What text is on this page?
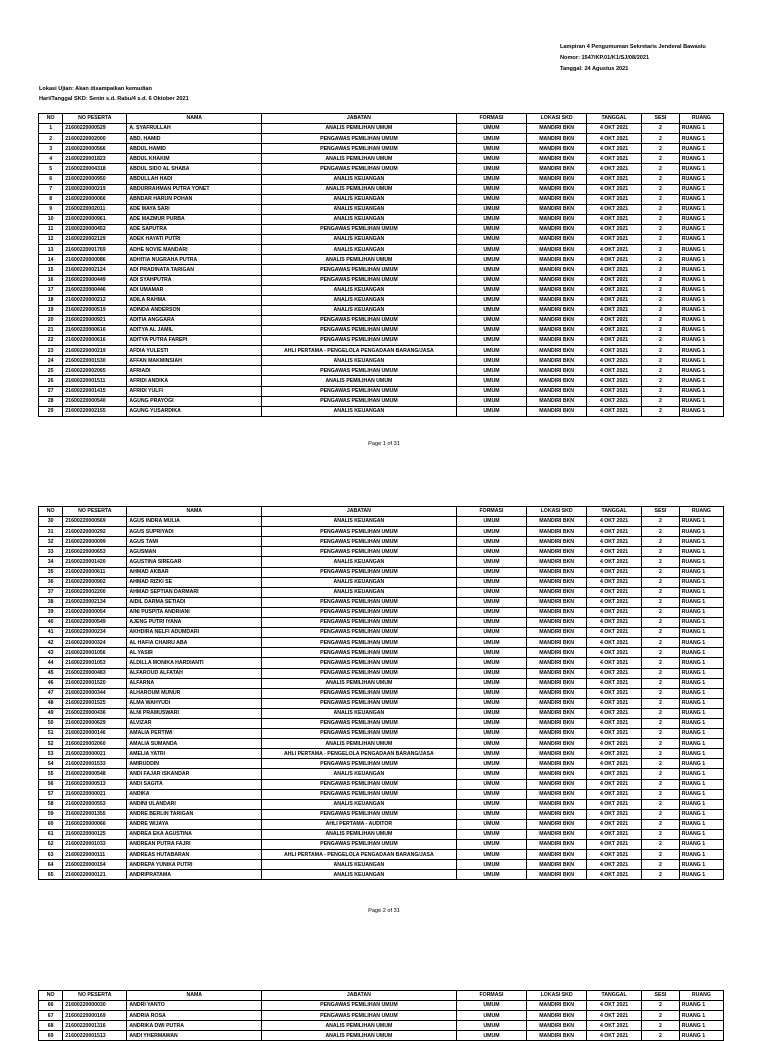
Lampiran 4 Pengumuman Sekretaris Jenderal Bawaslu
Nomor: 1547/KP.01/K1/SJ/08/2021
Tanggal: 24 Agustus 2021
Lokasi Ujian: Akan disampaikan kemudian
Hari/Tanggal SKD: Senin s.d. Rabu/4 s.d. 6 Oktober 2021
NO	NO PESERTA	NAMA	JABATAN	FORMASI	LOKASI SKD	TANGGAL	SESI	RUANG
1	21600220000529	A. SYAFRULLAH	ANALIS PEMILIHAN UMUM	UMUM	MANDIRI BKN	4 OKT 2021	2	RUANG 1
2	21600220002000	ABD. HAMID	PENGAWAS PEMILIHAN UMUM	UMUM	MANDIRI BKN	4 OKT 2021	2	RUANG 1
3	21600220000566	ABDUL HAMID	PENGAWAS PEMILIHAN UMUM	UMUM	MANDIRI BKN	4 OKT 2021	2	RUANG 1
4	21600220001823	ABDUL KHAKIM	ANALIS PEMILIHAN UMUM	UMUM	MANDIRI BKN	4 OKT 2021	2	RUANG 1
5	21600220004318	ABDUL SIDO AL SHABA	PENGAWAS PEMILIHAN UMUM	UMUM	MANDIRI BKN	4 OKT 2021	2	RUANG 1
6	21600220000950	ABDULLAH HADI	ANALIS KEUANGAN	UMUM	MANDIRI BKN	4 OKT 2021	2	RUANG 1
7	21600220000219	ABDURRAHMAN PUTRA YONET	ANALIS PEMILIHAN UMUM	UMUM	MANDIRI BKN	4 OKT 2021	2	RUANG 1
8	21600220000066	ABNDAR HARUN POHAN	ANALIS KEUANGAN	UMUM	MANDIRI BKN	4 OKT 2021	2	RUANG 1
9	21600220002011	ADE MAYA SARI	ANALIS KEUANGAN	UMUM	MANDIRI BKN	4 OKT 2021	2	RUANG 1
10	21600220000961	ADE MAZMUR PURBA	ANALIS KEUANGAN	UMUM	MANDIRI BKN	4 OKT 2021	2	RUANG 1
11	21600220000453	ADE SAPUTRA	PENGAWAS PEMILIHAN UMUM	UMUM	MANDIRI BKN	4 OKT 2021	2	RUANG 1
12	21600220002129	ADEK HAYATI PUTRI	ANALIS KEUANGAN	UMUM	MANDIRI BKN	4 OKT 2021	2	RUANG 1
13	21600220001769	ADHE NOVIE MANDARI	ANALIS KEUANGAN	UMUM	MANDIRI BKN	4 OKT 2021	2	RUANG 1
14	21600220000086	ADHITIA NUGRAHA PUTRA	ANALIS PEMILIHAN UMUM	UMUM	MANDIRI BKN	4 OKT 2021	2	RUANG 1
15	21600220002124	ADI PRADINATA TARIGAN	PENGAWAS PEMILIHAN UMUM	UMUM	MANDIRI BKN	4 OKT 2021	2	RUANG 1
16	21600220000449	ADI SYAHPUTRA	PENGAWAS PEMILIHAN UMUM	UMUM	MANDIRI BKN	4 OKT 2021	2	RUANG 1
17	21600220000446	ADI UMAMAR	ANALIS KEUANGAN	UMUM	MANDIRI BKN	4 OKT 2021	2	RUANG 1
18	21600220000212	ADILA RAHMA	ANALIS KEUANGAN	UMUM	MANDIRI BKN	4 OKT 2021	2	RUANG 1
19	21600220000519	ADINDA ANDERSON	ANALIS KEUANGAN	UMUM	MANDIRI BKN	4 OKT 2021	2	RUANG 1
20	21600220000921	ADITIA ANGGARA	PENGAWAS PEMILIHAN UMUM	UMUM	MANDIRI BKN	4 OKT 2021	2	RUANG 1
21	21600220000616	ADITYA AL JAMIL	PENGAWAS PEMILIHAN UMUM	UMUM	MANDIRI BKN	4 OKT 2021	2	RUANG 1
22	21600220000616	ADITYA PUTRA FAREPI	PENGAWAS PEMILIHAN UMUM	UMUM	MANDIRI BKN	4 OKT 2021	2	RUANG 1
23	21600220000219	AFDIA YULESTI	AHLI PERTAMA - PENGELOLA PENGADAAN BARANG/JASA	UMUM	MANDIRI BKN	4 OKT 2021	2	RUANG 1
24	21600220001530	AFFAN MAKMINSIAH	ANALIS KEUANGAN	UMUM	MANDIRI BKN	4 OKT 2021	2	RUANG 1
25	21600220002065	AFRIADI	PENGAWAS PEMILIHAN UMUM	UMUM	MANDIRI BKN	4 OKT 2021	2	RUANG 1
26	21600220001511	AFRIDI ANDIKA	ANALIS PEMILIHAN UMUM	UMUM	MANDIRI BKN	4 OKT 2021	2	RUANG 1
27	21600220001415	AFRIDI YULFI	PENGAWAS PEMILIHAN UMUM	UMUM	MANDIRI BKN	4 OKT 2021	2	RUANG 1
28	21600220000540	AGUNG PRAYOGI	PENGAWAS PEMILIHAN UMUM	UMUM	MANDIRI BKN	4 OKT 2021	2	RUANG 1
29	21600220002155	AGUNG YUSARDIKA	ANALIS KEUANGAN	UMUM	MANDIRI BKN	4 OKT 2021	2	RUANG 1
Page 1 of 31
NO	NO PESERTA	NAMA	JABATAN	FORMASI	LOKASI SKD	TANGGAL	SESI	RUANG
30	21600220000569	AGUS INDRA MULIA	ANALIS KEUANGAN	UMUM	MANDIRI BKN	4 OKT 2021	2	RUANG 1
31	21600220000292	AGUS SUPRIYADI	PENGAWAS PEMILIHAN UMUM	UMUM	MANDIRI BKN	4 OKT 2021	2	RUANG 1
32	21600220000099	AGUS TAMI	PENGAWAS PEMILIHAN UMUM	UMUM	MANDIRI BKN	4 OKT 2021	2	RUANG 1
33	21600220000653	AGUSMAN	PENGAWAS PEMILIHAN UMUM	UMUM	MANDIRI BKN	4 OKT 2021	2	RUANG 1
34	21600220001420	AGUSTINA SIREGAR	ANALIS KEUANGAN	UMUM	MANDIRI BKN	4 OKT 2021	2	RUANG 1
35	21600220000611	AHMAD AKBAR	PENGAWAS PEMILIHAN UMUM	UMUM	MANDIRI BKN	4 OKT 2021	2	RUANG 1
36	21600220000902	AHMAD RIZKI SE	ANALIS KEUANGAN	UMUM	MANDIRI BKN	4 OKT 2021	2	RUANG 1
37	21600220002200	AHMAD SEPTIAN DARMARI	ANALIS KEUANGAN	UMUM	MANDIRI BKN	4 OKT 2021	2	RUANG 1
38	21600220002134	AIDIL DARMA SETIADI	PENGAWAS PEMILIHAN UMUM	UMUM	MANDIRI BKN	4 OKT 2021	2	RUANG 1
39	21600220000054	AINI PUSPITA ANDRIANI	PENGAWAS PEMILIHAN UMUM	UMUM	MANDIRI BKN	4 OKT 2021	2	RUANG 1
40	21600220000549	AJENG PUTRI IYANA	PENGAWAS PEMILIHAN UMUM	UMUM	MANDIRI BKN	4 OKT 2021	2	RUANG 1
41	21600220000234	AKHDIRA NELFI ADUMDARI	PENGAWAS PEMILIHAN UMUM	UMUM	MANDIRI BKN	4 OKT 2021	2	RUANG 1
42	21600220000324	AL HAFIA CHAIRU ABA	PENGAWAS PEMILIHAN UMUM	UMUM	MANDIRI BKN	4 OKT 2021	2	RUANG 1
43	21600220001056	AL YASIR	PENGAWAS PEMILIHAN UMUM	UMUM	MANDIRI BKN	4 OKT 2021	2	RUANG 1
44	21600220001053	ALDILLA MONIKA HARDIANTI	PENGAWAS PEMILIHAN UMUM	UMUM	MANDIRI BKN	4 OKT 2021	2	RUANG 1
45	21600220000483	ALFAROUD ALFATAH	PENGAWAS PEMILIHAN UMUM	UMUM	MANDIRI BKN	4 OKT 2021	2	RUANG 1
46	21600220001520	ALFARNA	ANALIS PEMILIHAN UMUM	UMUM	MANDIRI BKN	4 OKT 2021	2	RUANG 1
47	21600220000344	ALHAROUM MUNUR	PENGAWAS PEMILIHAN UMUM	UMUM	MANDIRI BKN	4 OKT 2021	2	RUANG 1
48	21600220001525	ALMA WAHYUDI	PENGAWAS PEMILIHAN UMUM	UMUM	MANDIRI BKN	4 OKT 2021	2	RUANG 1
49	21600220000436	ALNI PRAMUSWARI	ANALIS KEUANGAN	UMUM	MANDIRI BKN	4 OKT 2021	2	RUANG 1
50	21600220000629	ALVIZAR	PENGAWAS PEMILIHAN UMUM	UMUM	MANDIRI BKN	4 OKT 2021	2	RUANG 1
51	21600220000146	AMALIA PERTIWI	PENGAWAS PEMILIHAN UMUM	UMUM	MANDIRI BKN	4 OKT 2021	2	RUANG 1
52	21600220002060	AMALIA SUMANDA	ANALIS PEMILIHAN UMUM	UMUM	MANDIRI BKN	4 OKT 2021	2	RUANG 1
53	21600220000021	AMELIA YATRI	AHLI PERTAMA - PENGELOLA PENGADAAN BARANG/JASA	UMUM	MANDIRI BKN	4 OKT 2021	2	RUANG 1
54	21600220001533	AMIRUDDIN	PENGAWAS PEMILIHAN UMUM	UMUM	MANDIRI BKN	4 OKT 2021	2	RUANG 1
55	21600220000548	ANDI FAJAR ISKANDAR	ANALIS KEUANGAN	UMUM	MANDIRI BKN	4 OKT 2021	2	RUANG 1
56	21600220000513	ANDI SAGITA	PENGAWAS PEMILIHAN UMUM	UMUM	MANDIRI BKN	4 OKT 2021	2	RUANG 1
57	21600220000021	ANDIKA	PENGAWAS PEMILIHAN UMUM	UMUM	MANDIRI BKN	4 OKT 2021	2	RUANG 1
58	21600220000553	ANDINI ULANDARI	ANALIS KEUANGAN	UMUM	MANDIRI BKN	4 OKT 2021	2	RUANG 1
59	21600220001355	ANDRE BERLIN TARIGAN	PENGAWAS PEMILIHAN UMUM	UMUM	MANDIRI BKN	4 OKT 2021	2	RUANG 1
60	21600220000066	ANDRE WIJAYA	AHLI PERTAMA - AUDITOR	UMUM	MANDIRI BKN	4 OKT 2021	2	RUANG 1
61	21600220000125	ANDREA EKA AGUSTINA	ANALIS PEMILIHAN UMUM	UMUM	MANDIRI BKN	4 OKT 2021	2	RUANG 1
62	21600220001033	ANDREAN PUTRA FAJRI	PENGAWAS PEMILIHAN UMUM	UMUM	MANDIRI BKN	4 OKT 2021	2	RUANG 1
63	21600220000111	ANDREAS HUTABARAN	AHLI PERTAMA - PENGELOLA PENGADAAN BARANG/JASA	UMUM	MANDIRI BKN	4 OKT 2021	2	RUANG 1
64	21600220000154	ANDREPA YUNIKA PUTRI	ANALIS KEUANGAN	UMUM	MANDIRI BKN	4 OKT 2021	2	RUANG 1
65	21600220000121	ANDRIPRATAMA	ANALIS KEUANGAN	UMUM	MANDIRI BKN	4 OKT 2021	2	RUANG 1
Page 2 of 31
NO	NO PESERTA	NAMA	JABATAN	FORMASI	LOKASI SKD	TANGGAL	SESI	RUANG
66	21600220000030	ANDRI YANTO	PENGAWAS PEMILIHAN UMUM	UMUM	MANDIRI BKN	4 OKT 2021	2	RUANG 1
67	21600220000169	ANDRIA ROSA	PENGAWAS PEMILIHAN UMUM	UMUM	MANDIRI BKN	4 OKT 2021	2	RUANG 1
68	21600220001316	ANDRIKA DWI PUTRA	ANALIS PEMILIHAN UMUM	UMUM	MANDIRI BKN	4 OKT 2021	2	RUANG 1
69	21600220001513	ANDI YHERMAWAN	ANALIS PEMILIHAN UMUM	UMUM	MANDIRI BKN	4 OKT 2021	2	RUANG 1
